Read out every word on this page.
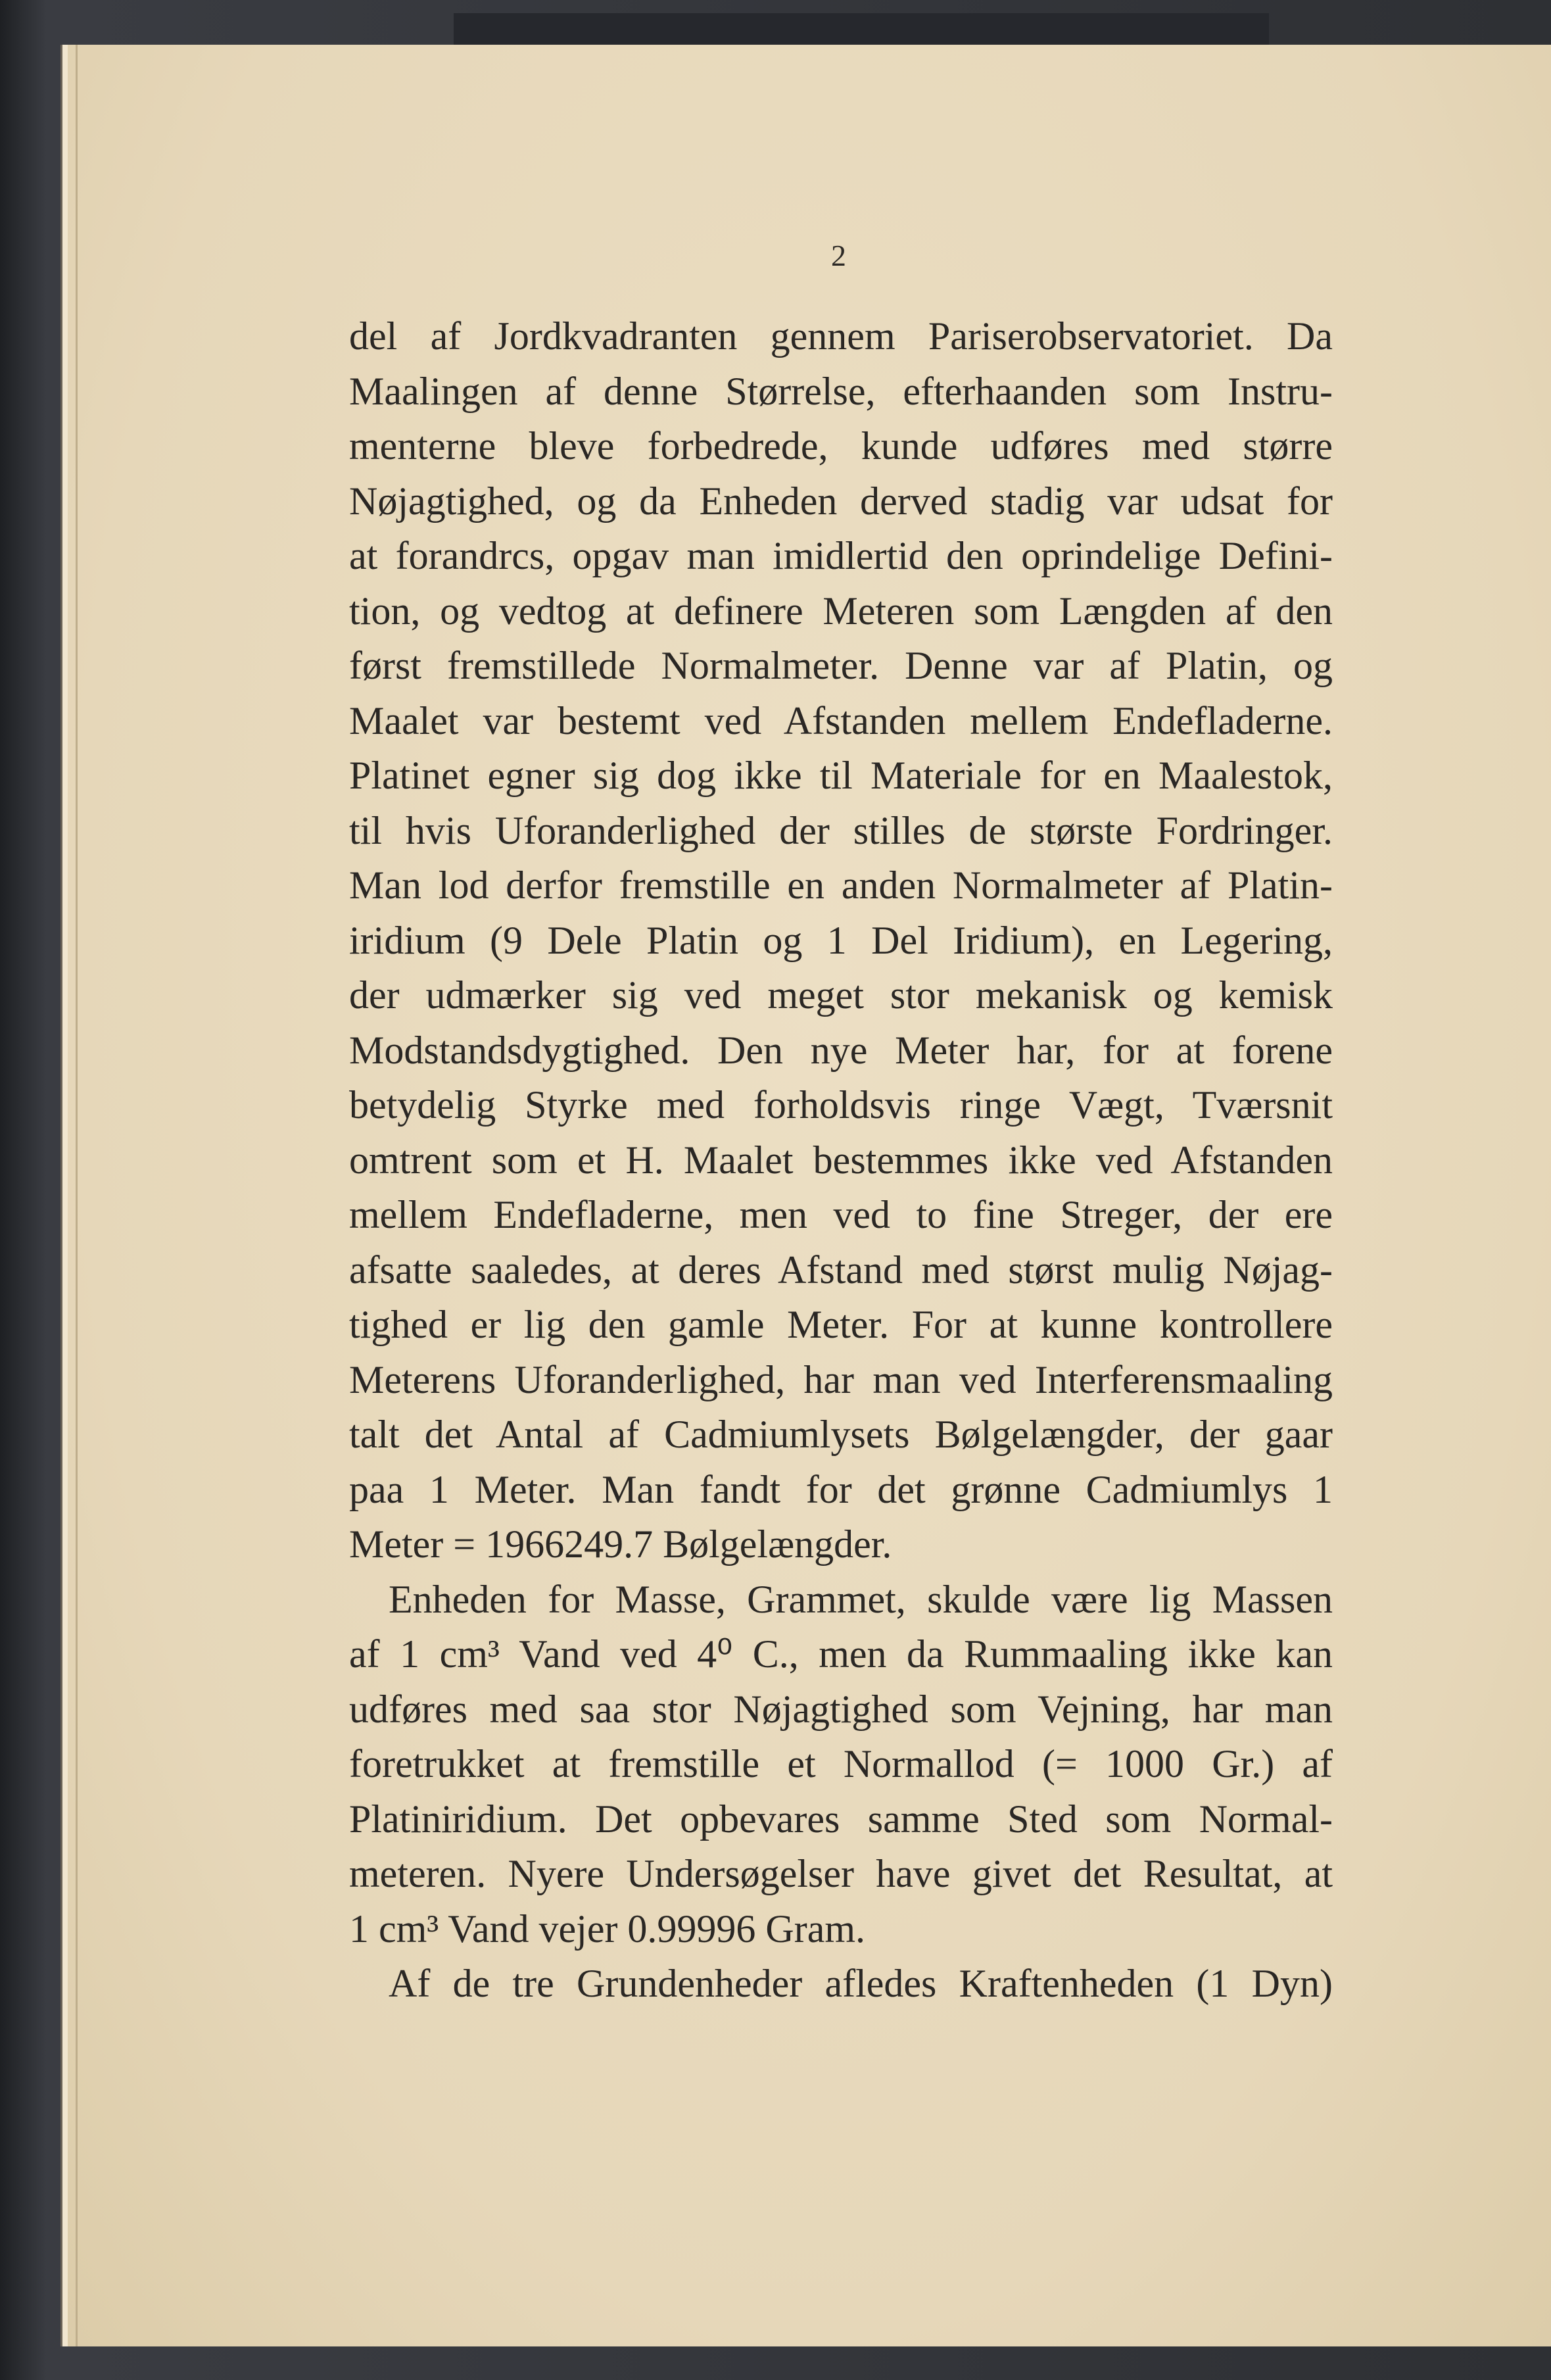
2
del af Jordkvadranten gennem Pariserobservatoriet. Da
Maalingen af denne Størrelse, efterhaanden som Instru-
menterne bleve forbedrede, kunde udføres med større
Nøjagtighed, og da Enheden derved stadig var udsat for
at forandrcs, opgav man imidlertid den oprindelige Defini-
tion, og vedtog at definere Meteren som Længden af den
først fremstillede Normalmeter. Denne var af Platin, og
Maalet var bestemt ved Afstanden mellem Endefladerne.
Platinet egner sig dog ikke til Materiale for en Maalestok,
til hvis Uforanderlighed der stilles de største Fordringer.
Man lod derfor fremstille en anden Normalmeter af Platin-
iridium (9 Dele Platin og 1 Del Iridium), en Legering,
der udmærker sig ved meget stor mekanisk og kemisk
Modstandsdygtighed. Den nye Meter har, for at forene
betydelig Styrke med forholdsvis ringe Vægt, Tværsnit
omtrent som et H. Maalet bestemmes ikke ved Afstanden
mellem Endefladerne, men ved to fine Streger, der ere
afsatte saaledes, at deres Afstand med størst mulig Nøjag-
tighed er lig den gamle Meter. For at kunne kontrollere
Meterens Uforanderlighed, har man ved Interferensmaaling
talt det Antal af Cadmiumlysets Bølgelængder, der gaar
paa 1 Meter. Man fandt for det grønne Cadmiumlys 1
Meter = 1966249.7 Bølgelængder.
Enheden for Masse, Grammet, skulde være lig Massen
af 1 cm³ Vand ved 4⁰ C., men da Rummaaling ikke kan
udføres med saa stor Nøjagtighed som Vejning, har man
foretrukket at fremstille et Normallod (= 1000 Gr.) af
Platiniridium. Det opbevares samme Sted som Normal-
meteren. Nyere Undersøgelser have givet det Resultat, at
1 cm³ Vand vejer 0.99996 Gram.
Af de tre Grundenheder afledes Kraftenheden (1 Dyn)
